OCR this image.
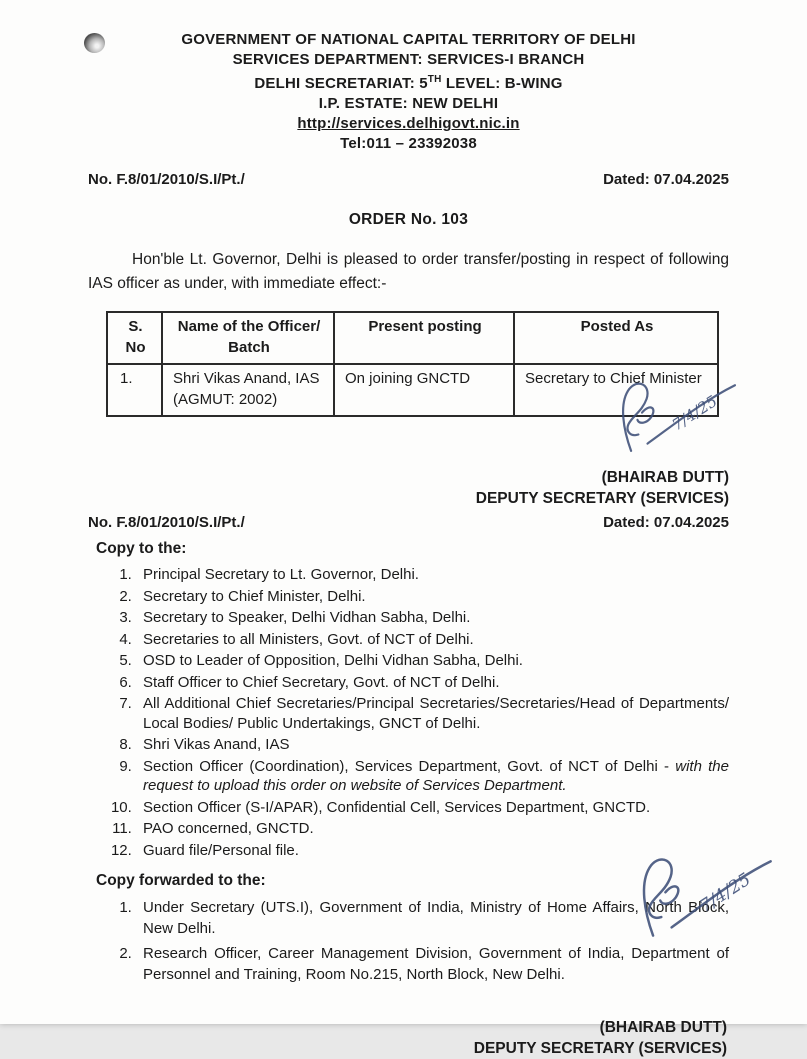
GOVERNMENT OF NATIONAL CAPITAL TERRITORY OF DELHI
SERVICES DEPARTMENT: SERVICES-I BRANCH
DELHI SECRETARIAT: 5TH LEVEL: B-WING
I.P. ESTATE: NEW DELHI
http://services.delhigovt.nic.in
Tel:011 – 23392038
No. F.8/01/2010/S.I/Pt./	Dated: 07.04.2025
ORDER No. 103

Hon'ble Lt. Governor, Delhi is pleased to order transfer/posting in respect of following IAS officer as under, with immediate effect:-

S. No	Name of the Officer/ Batch	Present posting	Posted As
1.	Shri Vikas Anand, IAS (AGMUT: 2002)	On joining GNCTD	Secretary to Chief Minister
(BHAIRAB DUTT)
DEPUTY SECRETARY (SERVICES)
No. F.8/01/2010/S.I/Pt./	Dated: 07.04.2025
Copy to the:
1. Principal Secretary to Lt. Governor, Delhi.
2. Secretary to Chief Minister, Delhi.
3. Secretary to Speaker, Delhi Vidhan Sabha, Delhi.
4. Secretaries to all Ministers, Govt. of NCT of Delhi.
5. OSD to Leader of Opposition, Delhi Vidhan Sabha, Delhi.
6. Staff Officer to Chief Secretary, Govt. of NCT of Delhi.
7. All Additional Chief Secretaries/Principal Secretaries/Secretaries/Head of Departments/ Local Bodies/ Public Undertakings, GNCT of Delhi.
8. Shri Vikas Anand, IAS
9. Section Officer (Coordination), Services Department, Govt. of NCT of Delhi - with the request to upload this order on website of Services Department.
10. Section Officer (S-I/APAR), Confidential Cell, Services Department, GNCTD.
11. PAO concerned, GNCTD.
12. Guard file/Personal file.
Copy forwarded to the:
1. Under Secretary (UTS.I), Government of India, Ministry of Home Affairs, North Block, New Delhi.
2. Research Officer, Career Management Division, Government of India, Department of Personnel and Training, Room No.215, North Block, New Delhi.
(BHAIRAB DUTT)
DEPUTY SECRETARY (SERVICES)
7/4/25
7/4/25
